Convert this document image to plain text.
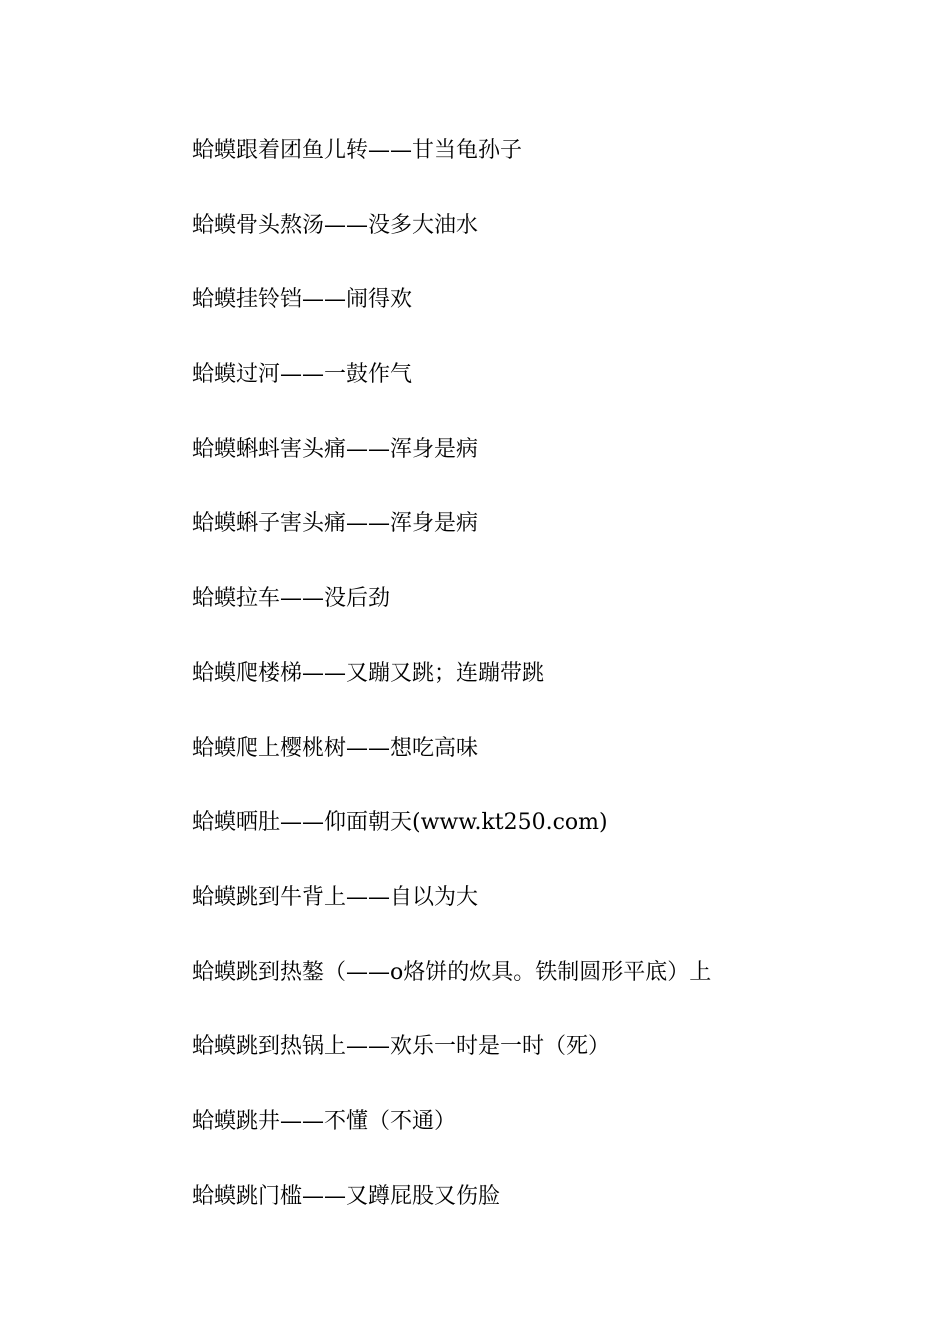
蛤蟆跟着团鱼儿转——甘当龟孙子
蛤蟆骨头熬汤——没多大油水
蛤蟆挂铃铛——闹得欢
蛤蟆过河——一鼓作气
蛤蟆蝌蚪害头痛——浑身是病
蛤蟆蝌子害头痛——浑身是病
蛤蟆拉车——没后劲
蛤蟆爬楼梯——又蹦又跳；连蹦带跳
蛤蟆爬上樱桃树——想吃高味
蛤蟆晒肚——仰面朝天(www.kt250.com)
蛤蟆跳到牛背上——自以为大
蛤蟆跳到热鏊（——o烙饼的炊具。铁制圆形平底）上
蛤蟆跳到热锅上——欢乐一时是一时（死）
蛤蟆跳井——不懂（不通）
蛤蟆跳门槛——又蹲屁股又伤脸
